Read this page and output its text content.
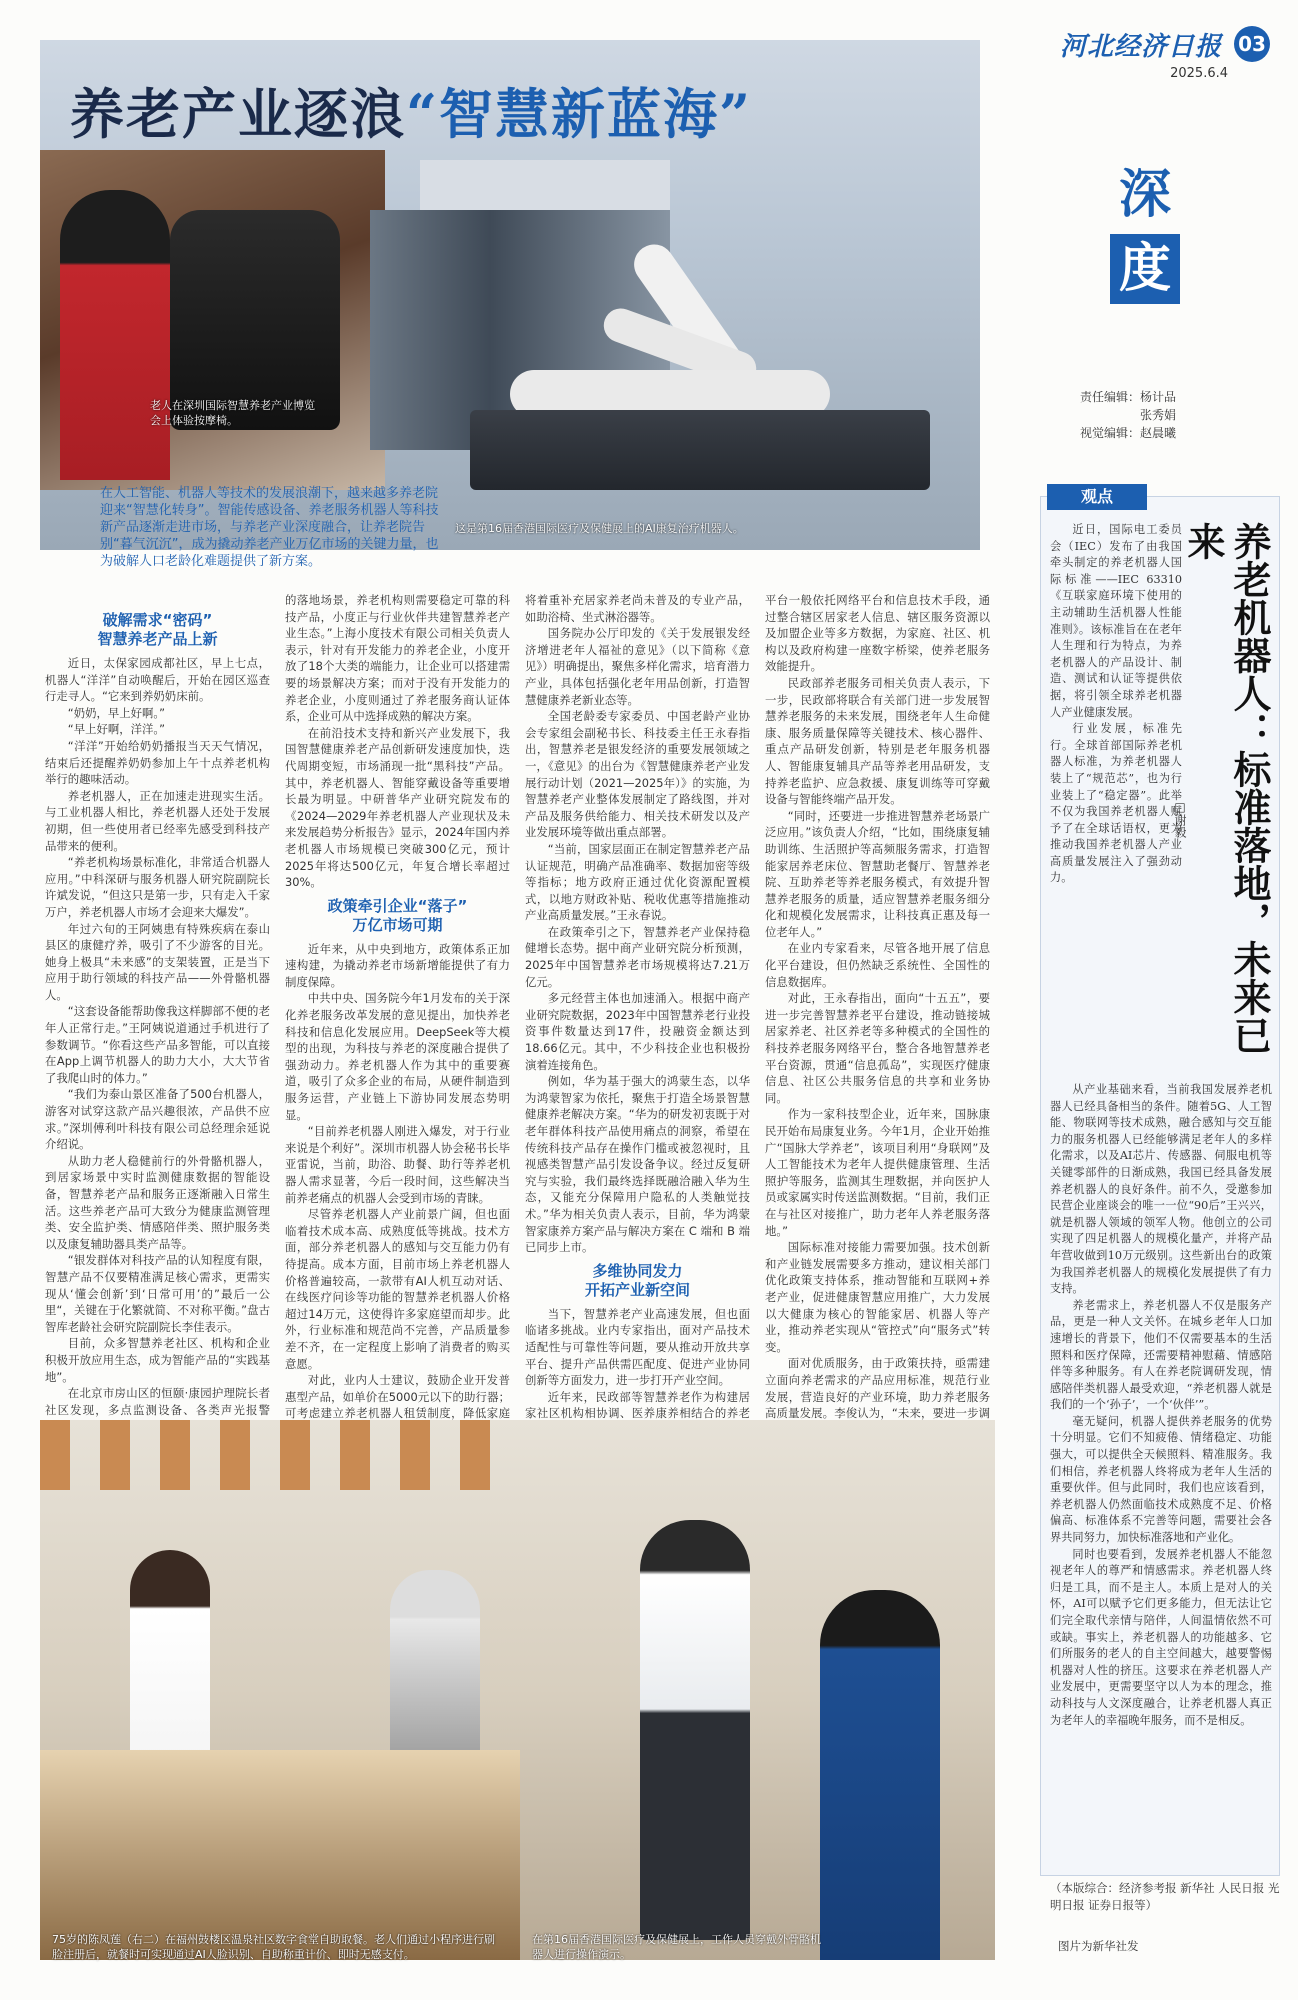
河北经济日报 03
2025.6.4
养老产业逐浪“智慧新蓝海”
老人在深圳国际智慧养老产业博览会上体验按摩椅。
这是第16届香港国际医疗及保健展上的AI康复治疗机器人。
在人工智能、机器人等技术的发展浪潮下，越来越多养老院迎来“智慧化转身”。智能传感设备、养老服务机器人等科技新产品逐渐走进市场，与养老产业深度融合，让养老院告别“暮气沉沉”，成为撬动养老产业万亿市场的关键力量，也为破解人口老龄化难题提供了新方案。
深
度
责任编辑：杨计品
张秀娟
视觉编辑：赵晨曦
破解需求“密码”
智慧养老产品上新

近日，太保家园成都社区，早上七点，机器人“洋洋”自动唤醒后，开始在园区巡查行走寻人。“它来到养奶奶床前。

“奶奶，早上好啊。”

“早上好啊，洋洋。”

“洋洋”开始给奶奶播报当天天气情况，结束后还提醒养奶奶参加上午十点养老机构举行的趣味活动。

养老机器人，正在加速走进现实生活。与工业机器人相比，养老机器人还处于发展初期，但一些使用者已经率先感受到科技产品带来的便利。

“养老机构场景标准化，非常适合机器人应用。”中科深研与服务机器人研究院副院长许斌发说，“但这只是第一步，只有走入千家万户，养老机器人市场才会迎来大爆发”。

年过六旬的王阿姨患有特殊疾病在泰山县区的康健疗养，吸引了不少游客的目光。她身上极具“未来感”的支架装置，正是当下应用于助行领域的科技产品——外骨骼机器人。

“这套设备能帮助像我这样脚部不便的老年人正常行走。”王阿姨说道通过手机进行了参数调节。“你看这些产品多智能，可以直接在App上调节机器人的助力大小，大大节省了我爬山时的体力。”

“我们为泰山景区准备了500台机器人，游客对试穿这款产品兴趣很浓，产品供不应求。”深圳傅利叶科技有限公司总经理余延说介绍说。

从助力老人稳健前行的外骨骼机器人，到居家场景中实时监测健康数据的智能设备，智慧养老产品和服务正逐渐融入日常生活。这些养老产品可大致分为健康监测管理类、安全监护类、情感陪伴类、照护服务类以及康复辅助器具类产品等。

“银发群体对科技产品的认知程度有限，智慧产品不仅要精准满足核心需求，更需实现从‘懂会创新’到‘日常可用’的”最后一公里“，关键在于化繁就简、不对称平衡。”盘古智库老龄社会研究院副院长李佳表示。

目前，众多智慧养老社区、机构和企业积极开放应用生态，成为智能产品的“实践基地”。

在北京市房山区的恒颐·康园护理院长者社区发现，多点监测设备、各类声光报警

的落地场景，养老机构则需要稳定可靠的科技产品，小度正与行业伙伴共建智慧养老产业生态。”上海小度技术有限公司相关负责人表示，针对有开发能力的养老企业，小度开放了18个大类的端能力，让企业可以搭建需要的场景解决方案；而对于没有开发能力的养老企业，小度则通过了养老服务商认证体系，企业可从中选择成熟的解决方案。

在前沿技术支持和新兴产业发展下，我国智慧健康养老产品创新研发速度加快，迭代周期变短，市场涌现一批“黑科技”产品。其中，养老机器人、智能穿戴设备等重要增长最为明显。中研普华产业研究院发布的《2024—2029年养老机器人产业现状及未来发展趋势分析报告》显示，2024年国内养老机器人市场规模已突破300亿元，预计2025年将达500亿元，年复合增长率超过30%。

政策牵引企业“落子”
万亿市场可期

近年来，从中央到地方，政策体系正加速构建，为撬动养老市场新增能提供了有力制度保障。

中共中央、国务院今年1月发布的关于深化养老服务改革发展的意见提出，加快养老科技和信息化发展应用。DeepSeek等大模型的出现，为科技与养老的深度融合提供了强劲动力。养老机器人作为其中的重要赛道，吸引了众多企业的布局，从硬件制造到服务运营，产业链上下游协同发展态势明显。

“目前养老机器人刚进入爆发，对于行业来说是个利好”。深圳市机器人协会秘书长毕亚雷说，当前，助浴、助餐、助行等养老机器人需求显著，今后一段时间，这些解决当前养老痛点的机器人会受到市场的青睐。

尽管养老机器人产业前景广阔，但也面临着技术成本高、成熟度低等挑战。技术方面，部分养老机器人的感知与交互能力仍有待提高。成本方面，目前市场上养老机器人价格普遍较高，一款带有AI人机互动对话、在线医疗问诊等功能的智慧养老机器人价格超过14万元，这使得许多家庭望而却步。此外，行业标准和规范尚不完善，产品质量参差不齐，在一定程度上影响了消费者的购买意愿。

对此，业内人士建议，鼓励企业开发普惠型产品，如单价在5000元以下的助行器；可考虑建立养老机器人租赁制度，降低家庭

将着重补充居家养老尚未普及的专业产品，如助浴椅、坐式淋浴器等。

国务院办公厅印发的《关于发展银发经济增进老年人福祉的意见》（以下简称《意见》）明确提出，聚焦多样化需求，培育潜力产业，具体包括强化老年用品创新，打造智慧健康养老新业态等。

全国老龄委专家委员、中国老龄产业协会专家组会副秘书长、科技委主任王永春指出，智慧养老是银发经济的重要发展领域之一，《意见》的出台为《智慧健康养老产业发展行动计划（2021—2025年）》的实施，为智慧养老产业整体发展制定了路线图，并对产品及服务供给能力、相关技术研发以及产业发展环境等做出重点部署。

“当前，国家层面正在制定智慧养老产品认证规范，明确产品准确率、数据加密等级等指标；地方政府正通过优化资源配置模式，以地方财政补贴、税收优惠等措施推动产业高质量发展。”王永春说。

在政策牵引之下，智慧养老产业保持稳健增长态势。据中商产业研究院分析预测，2025年中国智慧养老市场规模将达7.21万亿元。

多元经营主体也加速涌入。根据中商产业研究院数据，2023年中国智慧养老行业投资事件数量达到17件，投融资金额达到18.66亿元。其中，不少科技企业也积极扮演着连接角色。

例如，华为基于强大的鸿蒙生态，以华为鸿蒙智家为依托，聚焦于打造全场景智慧健康养老解决方案。“华为的研发初衷既于对老年群体科技产品使用痛点的洞察，希望在传统科技产品存在操作门槛或被忽视时，且视感类智慧产品引发设备争议。经过反复研究与实验，我们最终选择既融洽融入华为生态，又能充分保障用户隐私的人类触觉技术。”华为相关负责人表示，目前，华为鸿蒙智家康养方案产品与解决方案在 C 端和 B 端已同步上市。

多维协同发力
开拓产业新空间

当下，智慧养老产业高速发展，但也面临诸多挑战。业内专家指出，面对产品技术适配性与可靠性等问题，要从推动开放共享平台、提升产品供需匹配度、促进产业协同创新等方面发力，进一步打开产业空间。

近年来，民政部等智慧养老作为构建居家社区机构相协调、医养康养相结合的养老

平台一般依托网络平台和信息技术手段，通过整合辖区居家老人信息、辖区服务资源以及加盟企业等多方数据，为家庭、社区、机构以及政府构建一座数字桥梁，使养老服务效能提升。

民政部养老服务司相关负责人表示，下一步，民政部将联合有关部门进一步发展智慧养老服务的未来发展，围绕老年人生命健康、服务质量保障等关键技术、核心器件、重点产品研发创新，特别是老年服务机器人、智能康复辅具产品等养老用品研发，支持养老监护、应急救援、康复训练等可穿戴设备与智能终端产品开发。

“同时，还要进一步推进智慧养老场景广泛应用。”该负责人介绍，“比如，围绕康复辅助训练、生活照护等高频服务需求，打造智能家居养老床位、智慧助老餐厅、智慧养老院、互助养老等养老服务模式，有效提升智慧养老服务的质量，适应智慧养老服务细分化和规模化发展需求，让科技真正惠及每一位老年人。”

在业内专家看来，尽管各地开展了信息化平台建设，但仍然缺乏系统性、全国性的信息数据库。

对此，王永春指出，面向“十五五”，要进一步完善智慧养老平台建设，推动链接城居家养老、社区养老等多种模式的全国性的科技养老服务网络平台，整合各地智慧养老平台资源，贯通“信息孤岛”，实现医疗健康信息、社区公共服务信息的共享和业务协同。

作为一家科技型企业，近年来，国脉康民开始布局康复业务。今年1月，企业开始推广“国脉大学养老”，该项目利用“身联网”及人工智能技术为老年人提供健康管理、生活照护等服务，监测其生理数据，并向医护人员或家属实时传送监测数据。“目前，我们正在与社区对接推广，助力老年人养老服务落地。”

国际标准对接能力需要加强。技术创新和产业链发展需要多方推动，建议相关部门优化政策支持体系，推动智能和互联网+养老产业，促进健康智慧应用推广，大力发展以大健康为核心的智能家居、机器人等产业，推动养老实现从“管控式”向“服务式”转变。

面对优质服务，由于政策扶持，亟需建立面向养老需求的产品应用标准，规范行业发展，营造良好的产业环境，助力养老服务高质量发展。李俊认为，“未来，要进一步调

75岁的陈凤莲（右二）在福州鼓楼区温泉社区数字食堂自助取餐。老人们通过小程序进行刷脸注册后，就餐时可实现通过AI人脸识别、自助称重计价、即时无感支付。
在第16届香港国际医疗及保健展上，工作人员穿戴外骨骼机器人进行操作演示。
观点
养老机器人：标准落地，未来已来
□谢毅

近日，国际电工委员会（IEC）发布了由我国牵头制定的养老机器人国际标准——IEC 63310《互联家庭环境下使用的主动辅助生活机器人性能准则》。该标准旨在在老年人生理和行为特点，为养老机器人的产品设计、制造、测试和认证等提供依据，将引领全球养老机器人产业健康发展。

行业发展，标准先行。全球首部国际养老机器人标准，为养老机器人装上了“规范芯”，也为行业装上了“稳定器”。此举不仅为我国养老机器人赋予了在全球话语权，更为推动我国养老机器人产业高质量发展注入了强劲动力。

从产业基础来看，当前我国发展养老机器人已经具备相当的条件。随着5G、人工智能、物联网等技术成熟，融合感知与交互能力的服务机器人已经能够满足老年人的多样化需求，以及AI芯片、传感器、伺服电机等关键零部件的日渐成熟，我国已经具备发展养老机器人的良好条件。前不久，受邀参加民营企业座谈会的唯一一位“90后”王兴兴，就是机器人领域的领军人物。他创立的公司实现了四足机器人的规模化量产，并将产品年营收做到10万元级别。这些新出台的政策为我国养老机器人的规模化发展提供了有力支持。

养老需求上，养老机器人不仅是服务产品，更是一种人文关怀。在城乡老年人口加速增长的背景下，他们不仅需要基本的生活照料和医疗保障，还需要精神慰藉、情感陪伴等多种服务。有人在养老院调研发现，情感陪伴类机器人最受欢迎，“养老机器人就是我们的一个‘孙子’，一个‘伙伴’”。

毫无疑问，机器人提供养老服务的优势十分明显。它们不知疲倦、情绪稳定、功能强大，可以提供全天候照料、精准服务。我们相信，养老机器人终将成为老年人生活的重要伙伴。但与此同时，我们也应该看到，养老机器人仍然面临技术成熟度不足、价格偏高、标准体系不完善等问题，需要社会各界共同努力，加快标准落地和产业化。

同时也要看到，发展养老机器人不能忽视老年人的尊严和情感需求。养老机器人终归是工具，而不是主人。本质上是对人的关怀，AI可以赋予它们更多能力，但无法让它们完全取代亲情与陪伴，人间温情依然不可或缺。事实上，养老机器人的功能越多、它们所服务的老人的自主空间越大，越要警惕机器对人性的挤压。这要求在养老机器人产业发展中，更需要坚守以人为本的理念，推动科技与人文深度融合，让养老机器人真正为老年人的幸福晚年服务，而不是相反。

（本版综合：经济参考报 新华社 人民日报 光明日报 证券日报等）
图片为新华社发
